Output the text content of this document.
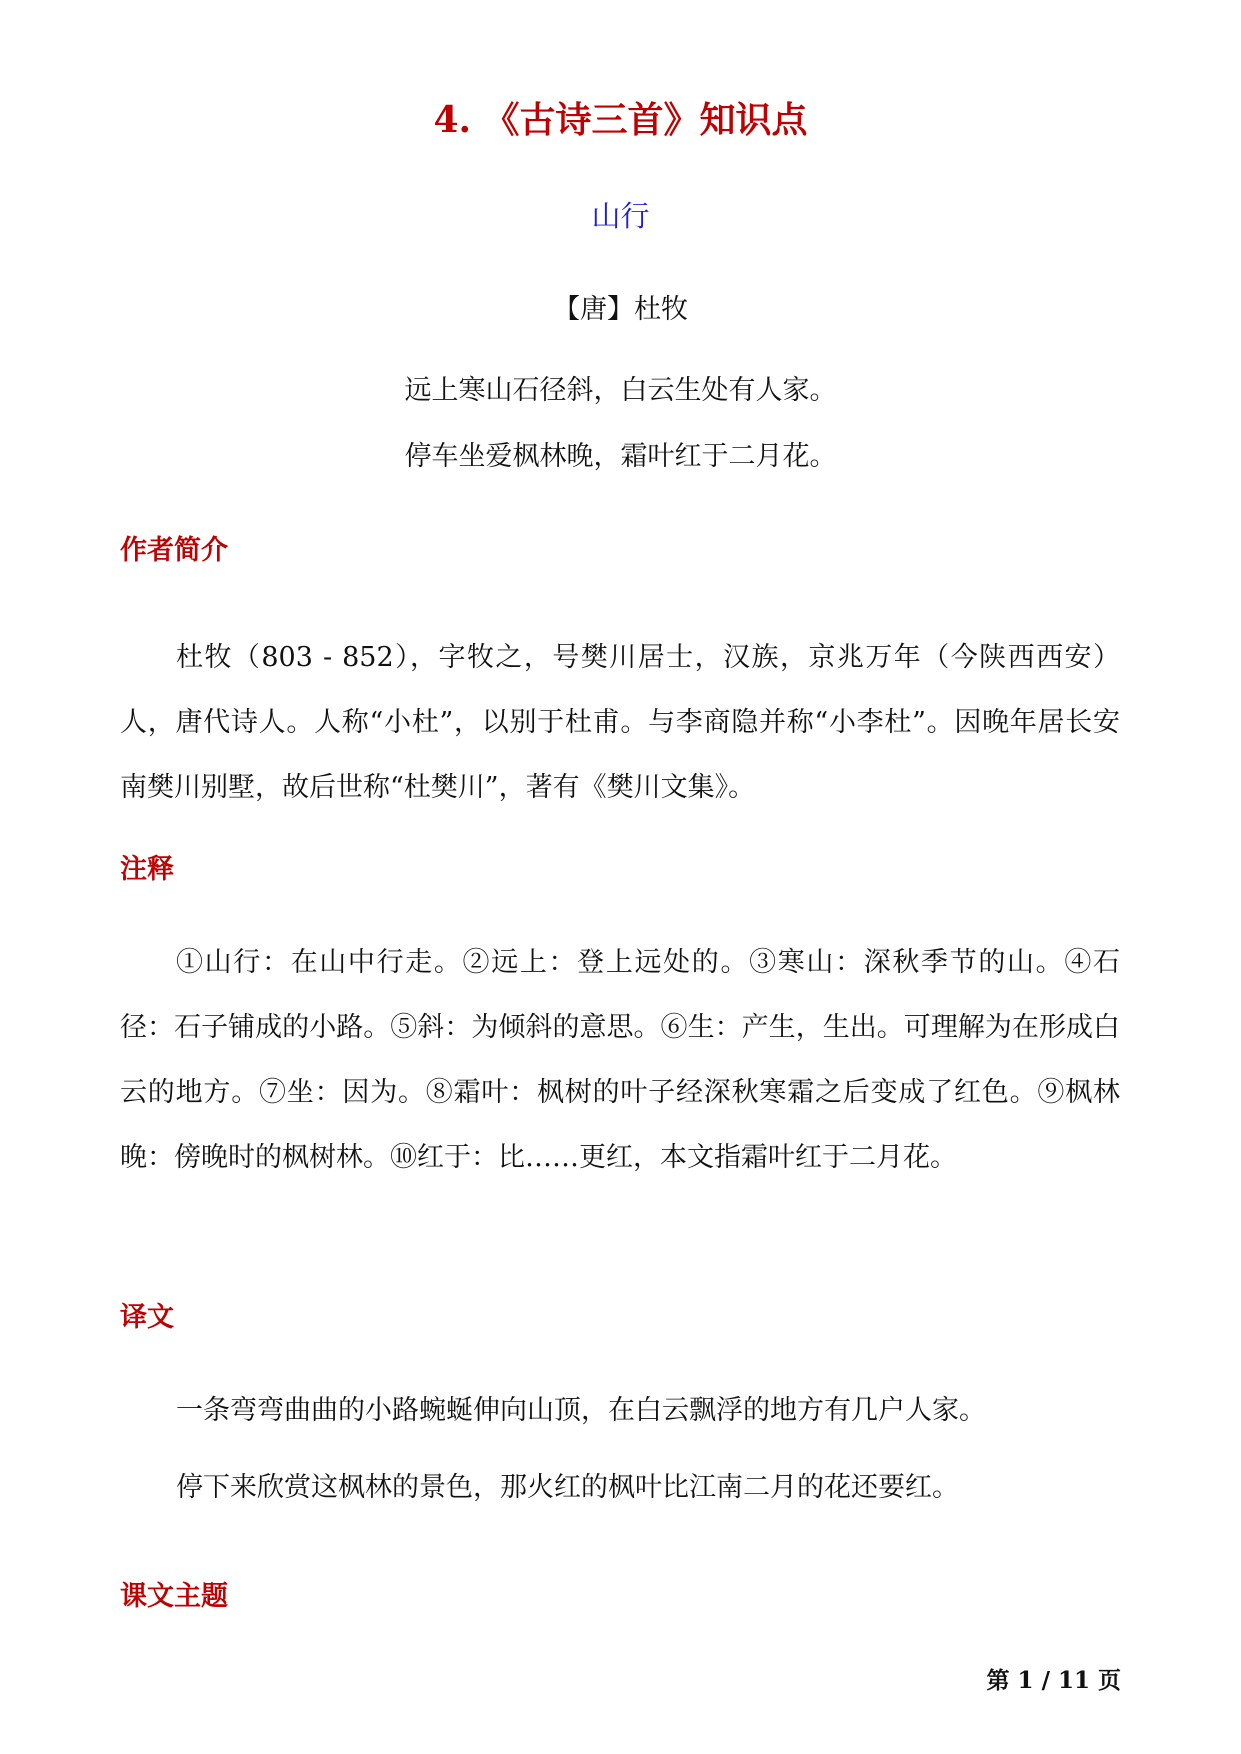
4. 《古诗三首》知识点
山行
【唐】杜牧
远上寒山石径斜，白云生处有人家。
停车坐爱枫林晚，霜叶红于二月花。
作者简介
杜牧（803 - 852），字牧之，号樊川居士，汉族，京兆万年（今陕西西安）人，唐代诗人。人称“小杜”，以别于杜甫。与李商隐并称“小李杜”。因晚年居长安南樊川别墅，故后世称“杜樊川”，著有《樊川文集》。
注释
①山行：在山中行走。②远上：登上远处的。③寒山：深秋季节的山。④石径：石子铺成的小路。⑤斜：为倾斜的意思。⑥生：产生，生出。可理解为在形成白云的地方。⑦坐：因为。⑧霜叶：枫树的叶子经深秋寒霜之后变成了红色。⑨枫林晚：傍晚时的枫树林。⑩红于：比……更红，本文指霜叶红于二月花。
译文
一条弯弯曲曲的小路蜿蜒伸向山顶，在白云飘浮的地方有几户人家。
停下来欣赏这枫林的景色，那火红的枫叶比江南二月的花还要红。
课文主题
第 1 / 11 页
